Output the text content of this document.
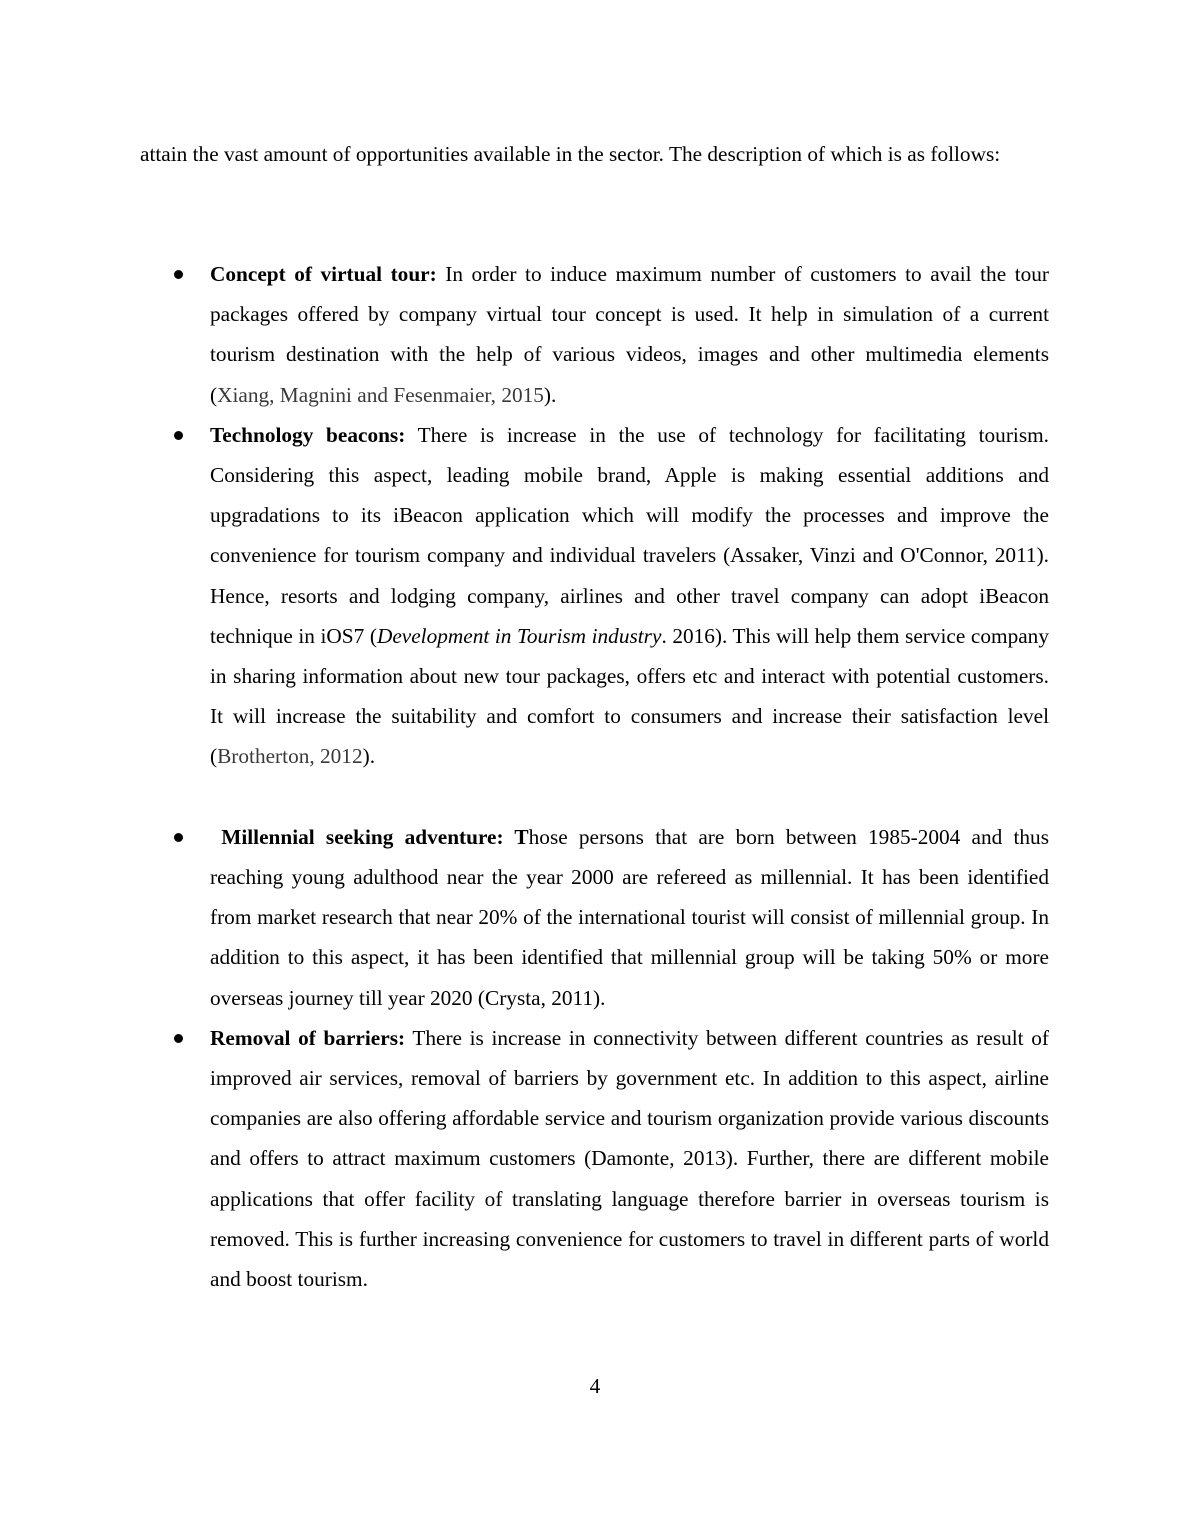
attain the vast amount of opportunities available in the sector. The description of which is as follows:

Concept of virtual tour: In order to induce maximum number of customers to avail the tour packages offered by company virtual tour concept is used. It help in simulation of a current tourism destination with the help of various videos, images and other multimedia elements (Xiang, Magnini and Fesenmaier, 2015).

Technology beacons: There is increase in the use of technology for facilitating tourism. Considering this aspect, leading mobile brand, Apple is making essential additions and upgradations to its iBeacon application which will modify the processes and improve the convenience for tourism company and individual travelers (Assaker, Vinzi and O'Connor, 2011). Hence, resorts and lodging company, airlines and other travel company can adopt iBeacon technique in iOS7 (Development in Tourism industry. 2016). This will help them service company in sharing information about new tour packages, offers etc and interact with potential customers. It will increase the suitability and comfort to consumers and increase their satisfaction level (Brotherton, 2012).

Millennial seeking adventure: Those persons that are born between 1985-2004 and thus reaching young adulthood near the year 2000 are refereed as millennial. It has been identified from market research that near 20% of the international tourist will consist of millennial group. In addition to this aspect, it has been identified that millennial group will be taking 50% or more overseas journey till year 2020 (Crysta, 2011).

Removal of barriers: There is increase in connectivity between different countries as result of improved air services, removal of barriers by government etc. In addition to this aspect, airline companies are also offering affordable service and tourism organization provide various discounts and offers to attract maximum customers (Damonte, 2013). Further, there are different mobile applications that offer facility of translating language therefore barrier in overseas tourism is removed. This is further increasing convenience for customers to travel in different parts of world and boost tourism.

4
